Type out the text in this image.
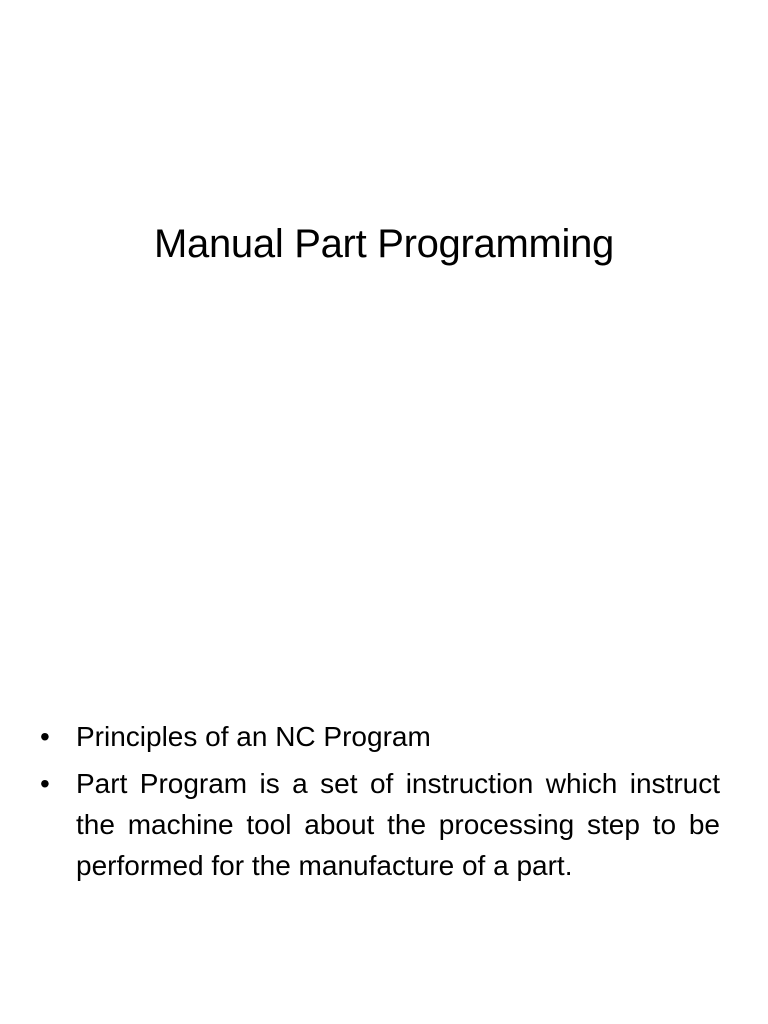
Manual Part Programming
• Principles of an NC Program
• Part Program is a set of instruction which instruct the machine tool about the processing step to be performed for the manufacture of a part.
